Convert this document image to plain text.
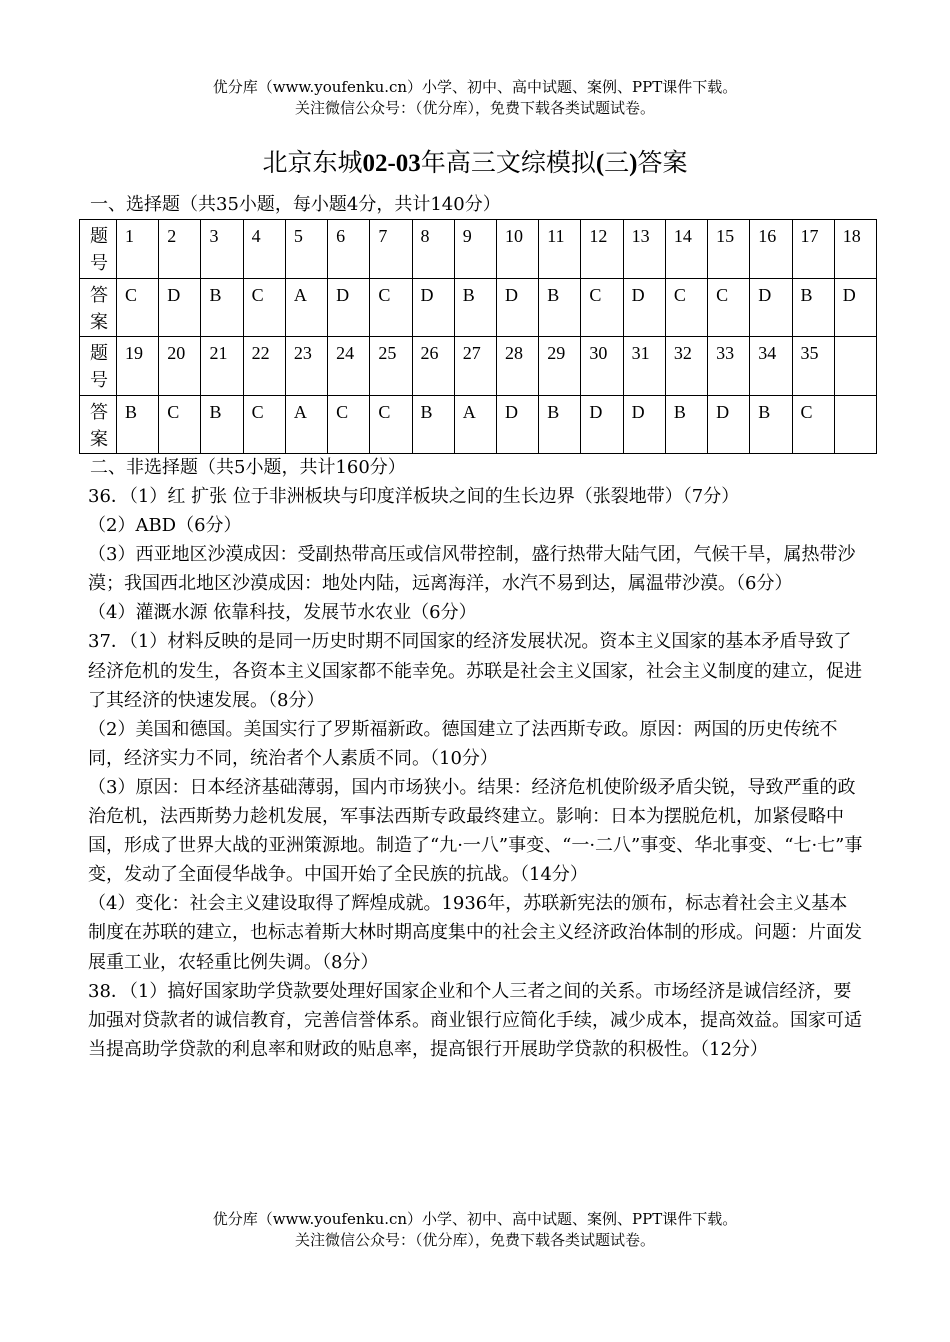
优分库（www.youfenku.cn）小学、初中、高中试题、案例、PPT课件下载。
关注微信公众号：（优分库），免费下载各类试题试卷。
北京东城02-03年高三文综模拟(三)答案
一、选择题（共35小题，每小题4分，共计140分）
题号	1	2	3	4	5	6	7	8	9	10	11	12	13	14	15	16	17	18
答案	C	D	B	C	A	D	C	D	B	D	B	C	D	C	C	D	B	D
题号	19	20	21	22	23	24	25	26	27	28	29	30	31	32	33	34	35	
答案	B	C	B	C	A	C	C	B	A	D	B	D	D	B	D	B	C	
二、非选择题（共5小题，共计160分）

36．（1）红 扩张 位于非洲板块与印度洋板块之间的生长边界（张裂地带）（7分）

（2）ABD（6分）

（3）西亚地区沙漠成因：受副热带高压或信风带控制，盛行热带大陆气团，气候干旱，属热带沙漠；我国西北地区沙漠成因：地处内陆，远离海洋，水汽不易到达，属温带沙漠。（6分）

（4）灌溉水源 依靠科技，发展节水农业（6分）

37．（1）材料反映的是同一历史时期不同国家的经济发展状况。资本主义国家的基本矛盾导致了经济危机的发生，各资本主义国家都不能幸免。苏联是社会主义国家，社会主义制度的建立，促进了其经济的快速发展。（8分）

（2）美国和德国。美国实行了罗斯福新政。德国建立了法西斯专政。原因：两国的历史传统不同，经济实力不同，统治者个人素质不同。（10分）

（3）原因：日本经济基础薄弱，国内市场狭小。结果：经济危机使阶级矛盾尖锐，导致严重的政治危机，法西斯势力趁机发展，军事法西斯专政最终建立。影响：日本为摆脱危机，加紧侵略中国，形成了世界大战的亚洲策源地。制造了“九·一八”事变、“一·二八”事变、华北事变、“七·七”事变，发动了全面侵华战争。中国开始了全民族的抗战。（14分）

（4）变化：社会主义建设取得了辉煌成就。1936年，苏联新宪法的颁布，标志着社会主义基本制度在苏联的建立，也标志着斯大林时期高度集中的社会主义经济政治体制的形成。问题：片面发展重工业，农轻重比例失调。（8分）

38．（1）搞好国家助学贷款要处理好国家企业和个人三者之间的关系。市场经济是诚信经济，要加强对贷款者的诚信教育，完善信誉体系。商业银行应简化手续，减少成本，提高效益。国家可适当提高助学贷款的利息率和财政的贴息率，提高银行开展助学贷款的积极性。（12分）

优分库（www.youfenku.cn）小学、初中、高中试题、案例、PPT课件下载。
关注微信公众号：（优分库），免费下载各类试题试卷。
